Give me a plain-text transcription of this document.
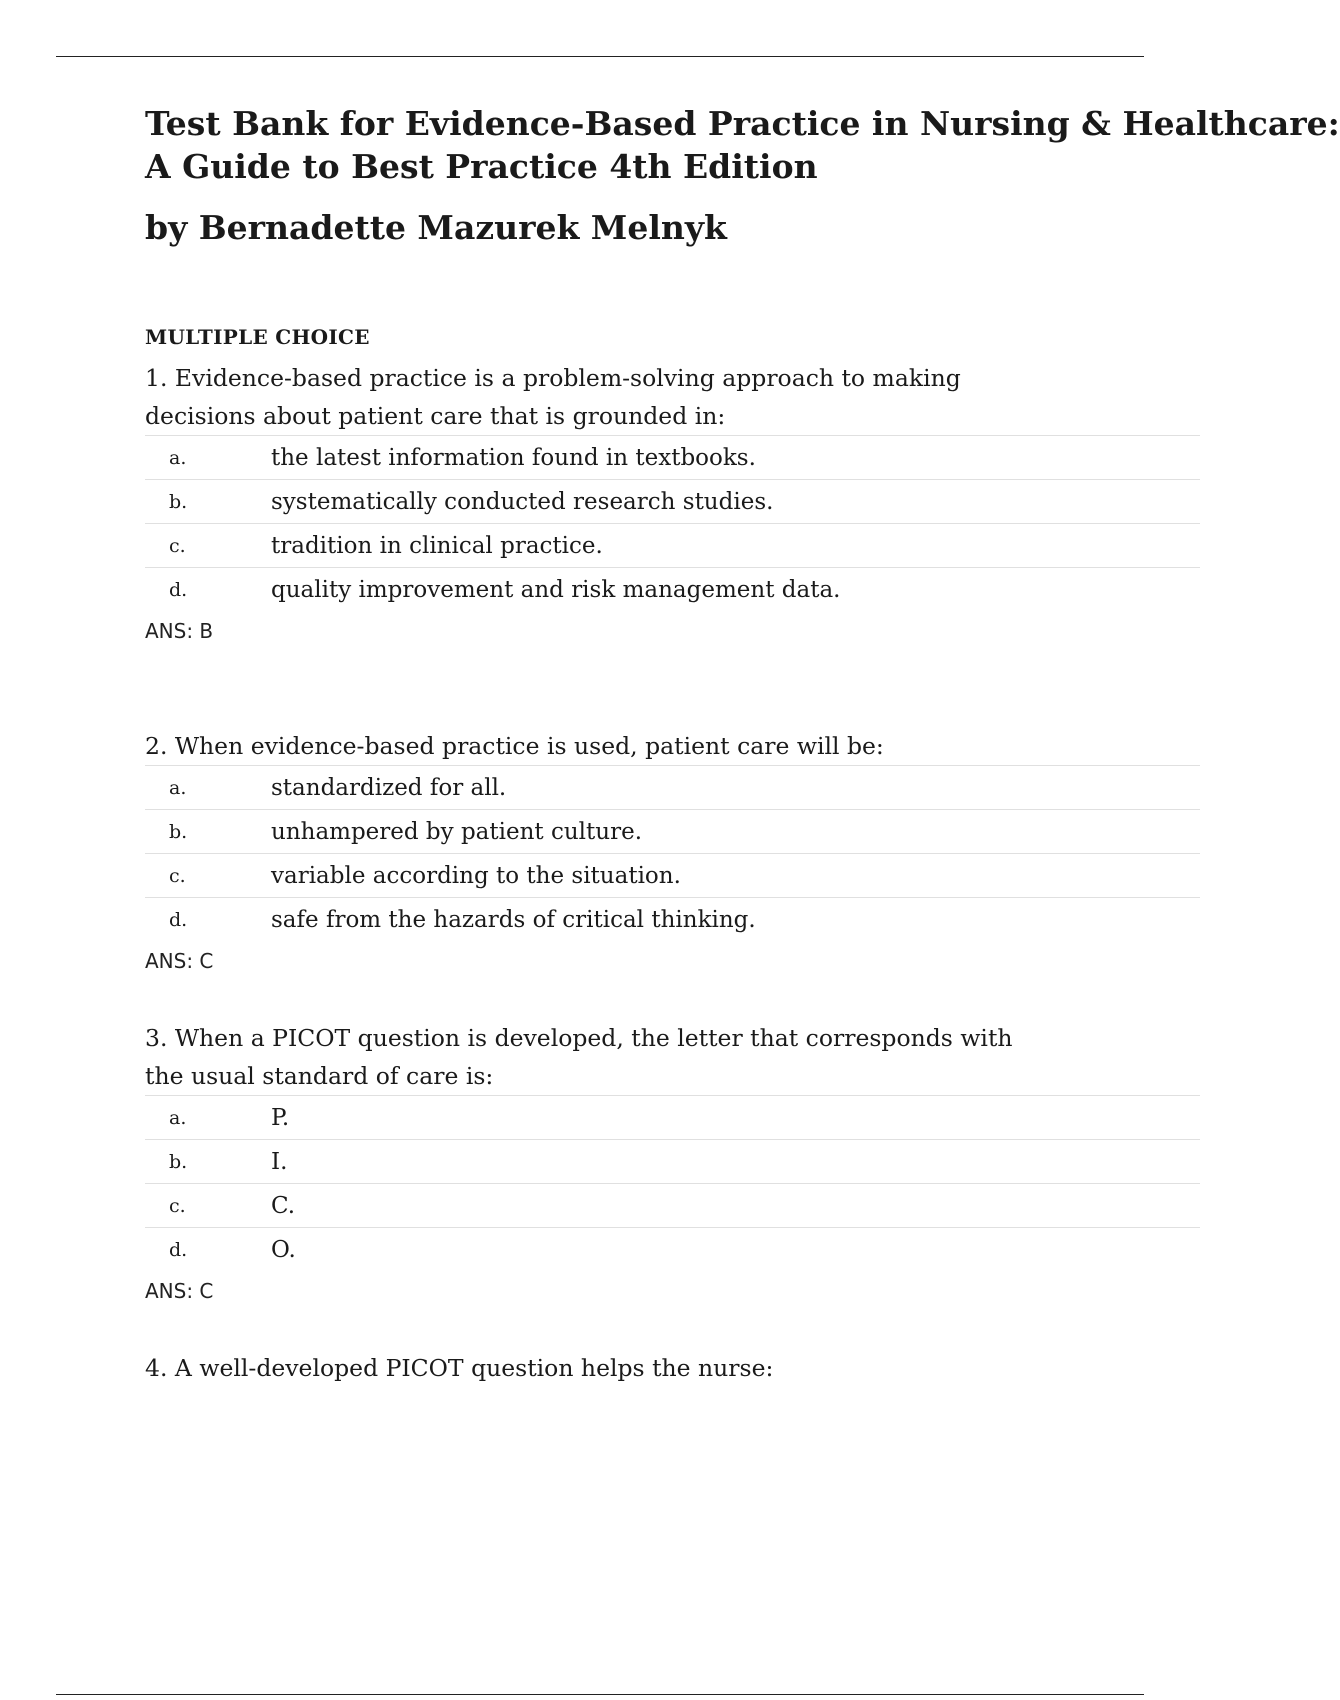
Test Bank for Evidence-Based Practice in Nursing & Healthcare:
A Guide to Best Practice 4th Edition
by Bernadette Mazurek Melnyk
MULTIPLE CHOICE

1. Evidence-based practice is a problem-solving approach to making decisions about patient care that is grounded in:

a.	the latest information found in textbooks.
b.	systematically conducted research studies.
c.	tradition in clinical practice.
d.	quality improvement and risk management data.
ANS: B

2. When evidence-based practice is used, patient care will be:

a.	standardized for all.
b.	unhampered by patient culture.
c.	variable according to the situation.
d.	safe from the hazards of critical thinking.
ANS: C

3. When a PICOT question is developed, the letter that corresponds with the usual standard of care is:

a.	P.
b.	I.
c.	C.
d.	O.
ANS: C

4. A well-developed PICOT question helps the nurse:
